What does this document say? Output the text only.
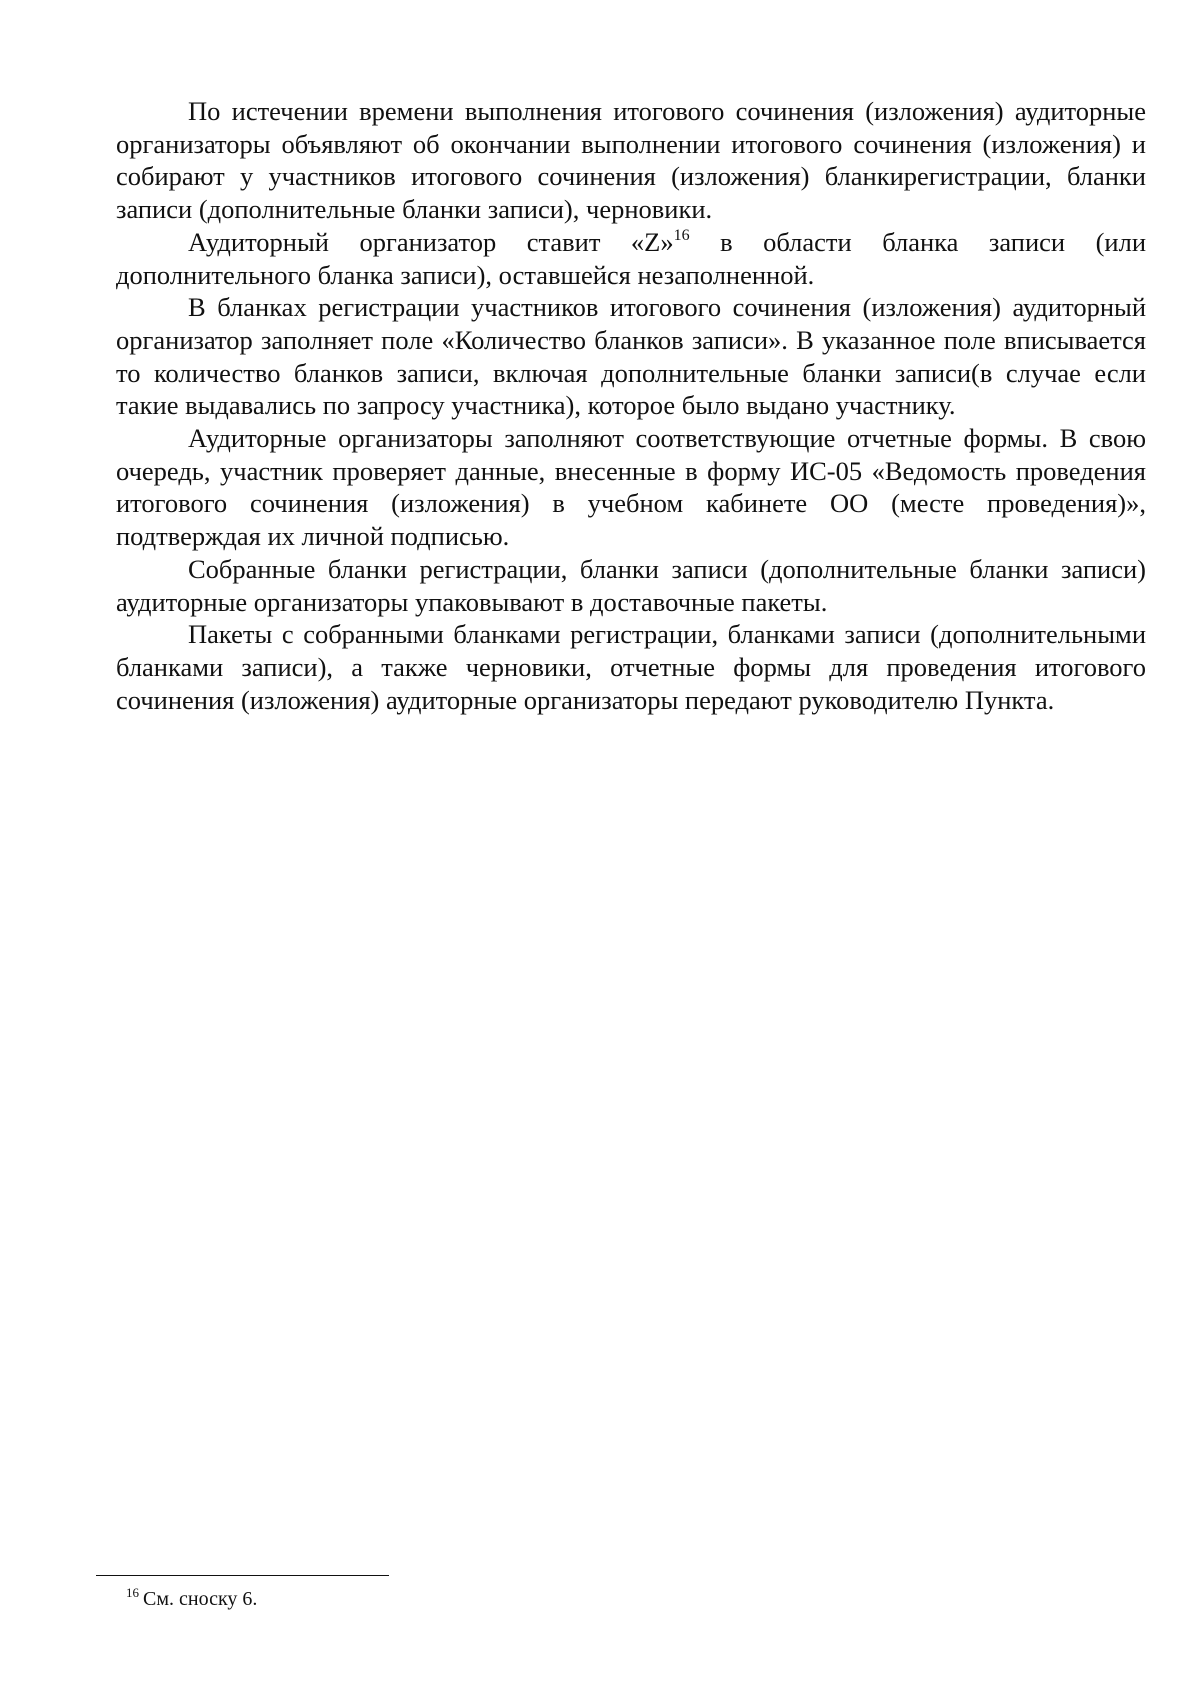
По истечении времени выполнения итогового сочинения (изложения) аудиторные организаторы объявляют об окончании выполнении итогового сочинения (изложения) и собирают у участников итогового сочинения (изложения) бланкирегистрации, бланки записи (дополнительные бланки записи), черновики.

Аудиторный организатор ставит «Z»$^{16}$ в области бланка записи (или дополнительного бланка записи), оставшейся незаполненной.

В бланках регистрации участников итогового сочинения (изложения) аудиторный организатор заполняет поле «Количество бланков записи». В указанное поле вписывается то количество бланков записи, включая дополнительные бланки записи(в случае если такие выдавались по запросу участника), которое было выдано участнику.

Аудиторные организаторы заполняют соответствующие отчетные формы. В свою очередь, участник проверяет данные, внесенные в форму ИС-05 «Ведомость проведения итогового сочинения (изложения) в учебном кабинете ОО (месте проведения)», подтверждая их личной подписью.

Собранные бланки регистрации, бланки записи (дополнительные бланки записи) аудиторные организаторы упаковывают в доставочные пакеты.

Пакеты с собранными бланками регистрации, бланками записи (дополнительными бланками записи), а также черновики, отчетные формы для проведения итогового сочинения (изложения) аудиторные организаторы передают руководителю Пункта.

$^{16}$ См. сноску 6.
